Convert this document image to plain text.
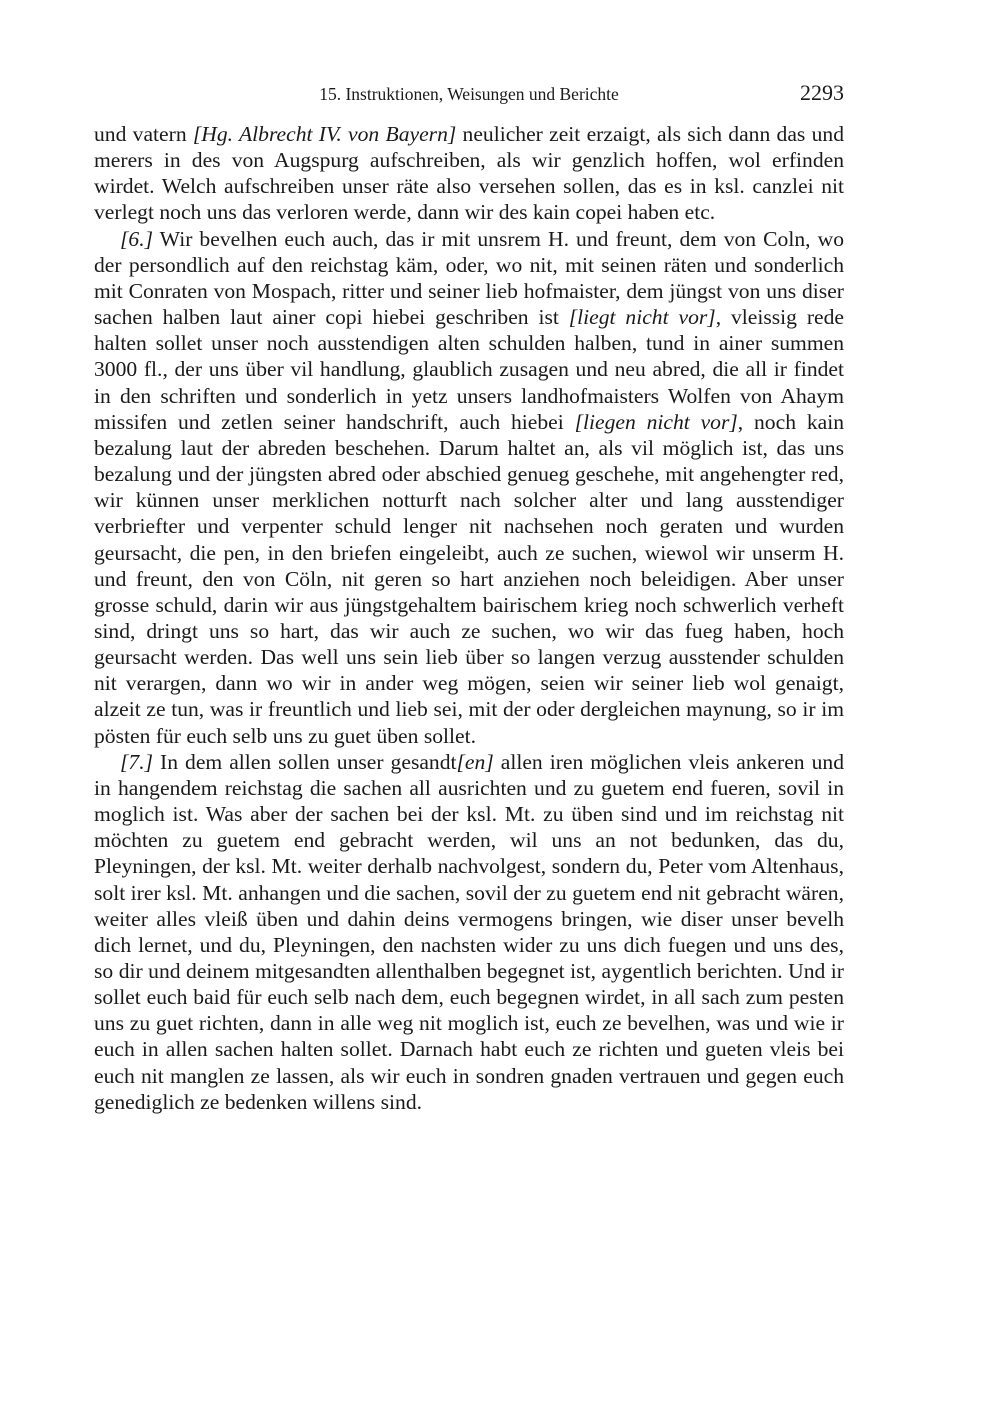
15. Instruktionen, Weisungen und Berichte	2293

und vatern [Hg. Albrecht IV. von Bayern] neulicher zeit erzaigt, als sich dann das und merers in des von Augspurg aufschreiben, als wir genzlich hoffen, wol erfinden wirdet. Welch aufschreiben unser räte also versehen sollen, das es in ksl. canzlei nit verlegt noch uns das verloren werde, dann wir des kain copei haben etc.

[6.] Wir bevelhen euch auch, das ir mit unsrem H. und freunt, dem von Coln, wo der persondlich auf den reichstag käm, oder, wo nit, mit seinen räten und sonderlich mit Conraten von Mospach, ritter und seiner lieb hofmaister, dem jüngst von uns diser sachen halben laut ainer copi hiebei geschriben ist [liegt nicht vor], vleissig rede halten sollet unser noch ausstendigen alten schulden halben, tund in ainer summen 3000 fl., der uns über vil handlung, glaublich zusagen und neu abred, die all ir findet in den schriften und sonderlich in yetz unsers landhofmaisters Wolfen von Ahaym missifen und zetlen seiner handschrift, auch hiebei [liegen nicht vor], noch kain bezalung laut der abreden beschehen. Darum haltet an, als vil möglich ist, das uns bezalung und der jüngsten abred oder abschied genueg geschehe, mit angehengter red, wir künnen unser merklichen notturft nach solcher alter und lang ausstendiger verbriefter und verpenter schuld lenger nit nachsehen noch geraten und wurden geursacht, die pen, in den briefen eingeleibt, auch ze suchen, wiewol wir unserm H. und freunt, den von Cöln, nit geren so hart anziehen noch beleidigen. Aber unser grosse schuld, darin wir aus jüngstgehaltem bairischem krieg noch schwerlich verheft sind, dringt uns so hart, das wir auch ze suchen, wo wir das fueg haben, hoch geursacht werden. Das well uns sein lieb über so langen verzug ausstender schulden nit verargen, dann wo wir in ander weg mögen, seien wir seiner lieb wol genaigt, alzeit ze tun, was ir freuntlich und lieb sei, mit der oder dergleichen maynung, so ir im pösten für euch selb uns zu guet üben sollet.

[7.] In dem allen sollen unser gesandt[en] allen iren möglichen vleis ankeren und in hangendem reichstag die sachen all ausrichten und zu guetem end fueren, sovil in moglich ist. Was aber der sachen bei der ksl. Mt. zu üben sind und im reichstag nit möchten zu guetem end gebracht werden, wil uns an not bedunken, das du, Pleyningen, der ksl. Mt. weiter derhalb nachvolgest, sondern du, Peter vom Altenhaus, solt irer ksl. Mt. anhangen und die sachen, sovil der zu guetem end nit gebracht wären, weiter alles vleiß üben und dahin deins vermogens bringen, wie diser unser bevelh dich lernet, und du, Pleyningen, den nachsten wider zu uns dich fuegen und uns des, so dir und deinem mitgesandten allenthalben begegnet ist, aygentlich berichten. Und ir sollet euch baid für euch selb nach dem, euch begegnen wirdet, in all sach zum pesten uns zu guet richten, dann in alle weg nit moglich ist, euch ze bevelhen, was und wie ir euch in allen sachen halten sollet. Darnach habt euch ze richten und gueten vleis bei euch nit manglen ze lassen, als wir euch in sondren gnaden vertrauen und gegen euch genediglich ze bedenken willens sind.
